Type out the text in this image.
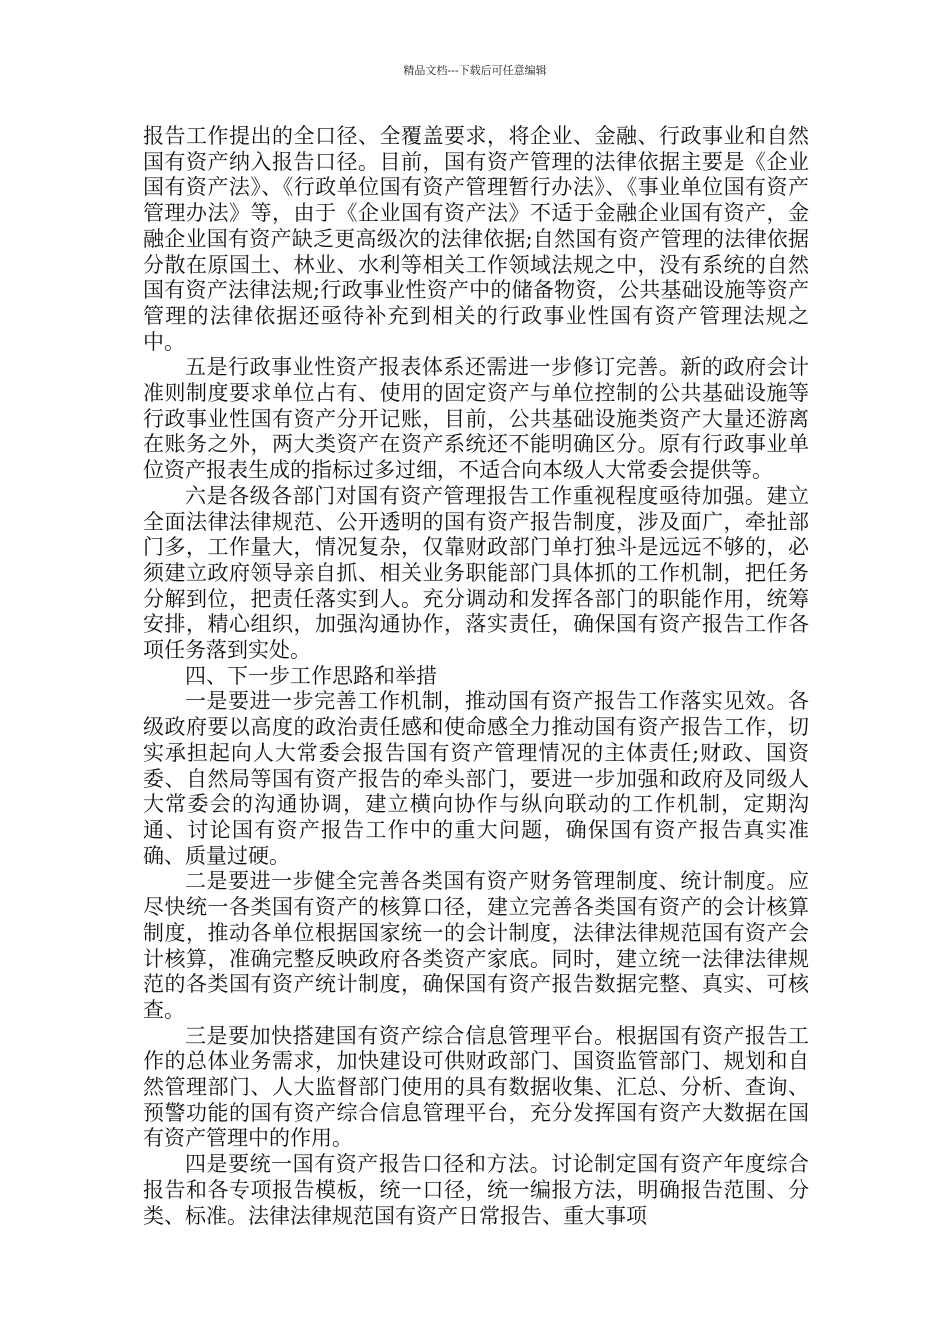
精品文档---下载后可任意编辑

报告工作提出的全口径、全覆盖要求，将企业、金融、行政事业和自然国有资产纳入报告口径。目前，国有资产管理的法律依据主要是《企业国有资产法》、《行政单位国有资产管理暂行办法》、《事业单位国有资产管理办法》等，由于《企业国有资产法》不适于金融企业国有资产，金融企业国有资产缺乏更高级次的法律依据;自然国有资产管理的法律依据分散在原国土、林业、水利等相关工作领域法规之中，没有系统的自然国有资产法律法规;行政事业性资产中的储备物资，公共基础设施等资产管理的法律依据还亟待补充到相关的行政事业性国有资产管理法规之中。

五是行政事业性资产报表体系还需进一步修订完善。新的政府会计准则制度要求单位占有、使用的固定资产与单位控制的公共基础设施等行政事业性国有资产分开记账，目前，公共基础设施类资产大量还游离在账务之外，两大类资产在资产系统还不能明确区分。原有行政事业单位资产报表生成的指标过多过细，不适合向本级人大常委会提供等。

六是各级各部门对国有资产管理报告工作重视程度亟待加强。建立全面法律法律规范、公开透明的国有资产报告制度，涉及面广，牵扯部门多，工作量大，情况复杂，仅靠财政部门单打独斗是远远不够的，必须建立政府领导亲自抓、相关业务职能部门具体抓的工作机制，把任务分解到位，把责任落实到人。充分调动和发挥各部门的职能作用，统筹安排，精心组织，加强沟通协作，落实责任，确保国有资产报告工作各项任务落到实处。

四、下一步工作思路和举措

一是要进一步完善工作机制，推动国有资产报告工作落实见效。各级政府要以高度的政治责任感和使命感全力推动国有资产报告工作，切实承担起向人大常委会报告国有资产管理情况的主体责任;财政、国资委、自然局等国有资产报告的牵头部门，要进一步加强和政府及同级人大常委会的沟通协调，建立横向协作与纵向联动的工作机制，定期沟通、讨论国有资产报告工作中的重大问题，确保国有资产报告真实准确、质量过硬。

二是要进一步健全完善各类国有资产财务管理制度、统计制度。应尽快统一各类国有资产的核算口径，建立完善各类国有资产的会计核算制度，推动各单位根据国家统一的会计制度，法律法律规范国有资产会计核算，准确完整反映政府各类资产家底。同时，建立统一法律法律规范的各类国有资产统计制度，确保国有资产报告数据完整、真实、可核查。

三是要加快搭建国有资产综合信息管理平台。根据国有资产报告工作的总体业务需求，加快建设可供财政部门、国资监管部门、规划和自然管理部门、人大监督部门使用的具有数据收集、汇总、分析、查询、预警功能的国有资产综合信息管理平台，充分发挥国有资产大数据在国有资产管理中的作用。

四是要统一国有资产报告口径和方法。讨论制定国有资产年度综合报告和各专项报告模板，统一口径，统一编报方法，明确报告范围、分类、标准。法律法律规范国有资产日常报告、重大事项
